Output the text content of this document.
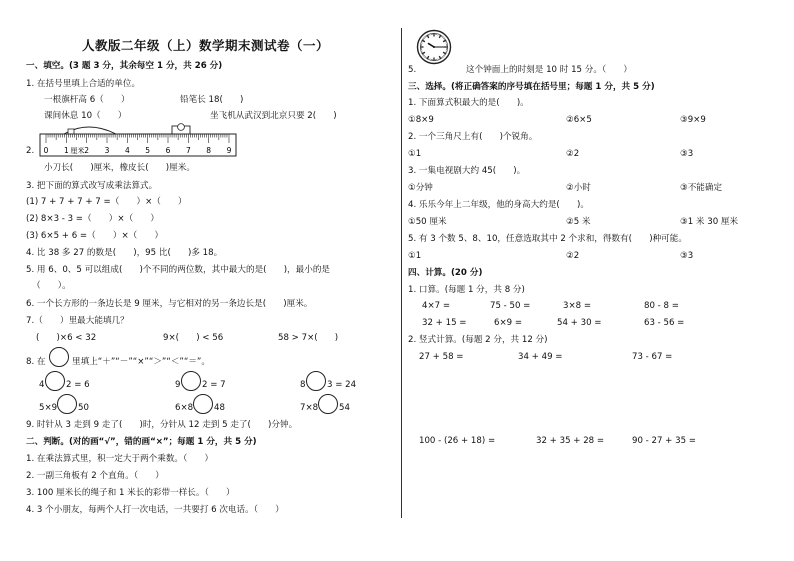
人教版二年级（上）数学期末测试卷（一）
一、填空。(3 题 3 分，其余每空 1 分，共 26 分)
1. 在括号里填上合适的单位。
一根旗杆高 6（　　）	铅笔长 18(　　)
课间休息 10（　　）	坐飞机从武汉到北京只要 2(　　)
2. 0 1 2 3 4 5 6 7 8 9
厘米
小刀长(　　)厘米，橡皮长(　　)厘米。
3. 把下面的算式改写成乘法算式。
(1) 7 + 7 + 7 + 7 =（　　）×（　　）
(2) 8×3 - 3 =（　　）×（　　）
(3) 6×5 + 6 =（　　）×（　　）
4. 比 38 多 27 的数是(　　)，95 比(　　)多 18。
5. 用 6、0、5 可以组成(　　)个不同的两位数，其中最大的是(　　)，最小的是
（　　）。
6. 一个长方形的一条边长是 9 厘米，与它相对的另一条边长是(　　)厘米。
7.（　　）里最大能填几？
(　　)×6 < 32	9×(　　) < 56	58 > 7×(　　)
8. 在	里填上“＋”“－”“×”“＞”“＜”“＝”。
4	2 = 6	9	2 = 7	8	3 = 24
5×9 50	6×8 48	7×8 54
9. 时针从 3 走到 9 走了(　　)时，分针从 12 走到 5 走了(　　)分钟。
二、判断。(对的画“√”，错的画“×”；每题 1 分，共 5 分)
1. 在乘法算式里，积一定大于两个乘数。（　　）
2. 一副三角板有 2 个直角。（　　）
3. 100 厘米长的绳子和 1 米长的彩带一样长。（　　）
4. 3 个小朋友，每两个人打一次电话，一共要打 6 次电话。（　　）
5.	这个钟面上的时刻是 10 时 15 分。（　　）
三、选择。(将正确答案的序号填在括号里；每题 1 分，共 5 分)
1. 下面算式积最大的是(　　)。
①8×9	②6×5	③9×9
2. 一个三角尺上有(　　)个锐角。
①1	②2	③3
3. 一集电视剧大约 45(　　)。
①分钟	②小时	③不能确定
4. 乐乐今年上二年级，他的身高大约是(　　)。
①50 厘米	②5 米	③1 米 30 厘米
5. 有 3 个数 5、8、10，任意选取其中 2 个求和，得数有(　　)种可能。
①1	②2	③3
四、计算。(20 分)
1. 口算。(每题 1 分，共 8 分)
4×7 =	75 - 50 =	3×8 =	80 - 8 =
32 + 15 =	6×9 =	54 + 30 =	63 - 56 =
2. 竖式计算。(每题 2 分，共 12 分)
27 + 58 =	34 + 49 =	73 - 67 =
100 - (26 + 18) =	32 + 35 + 28 =	90 - 27 + 35 =
